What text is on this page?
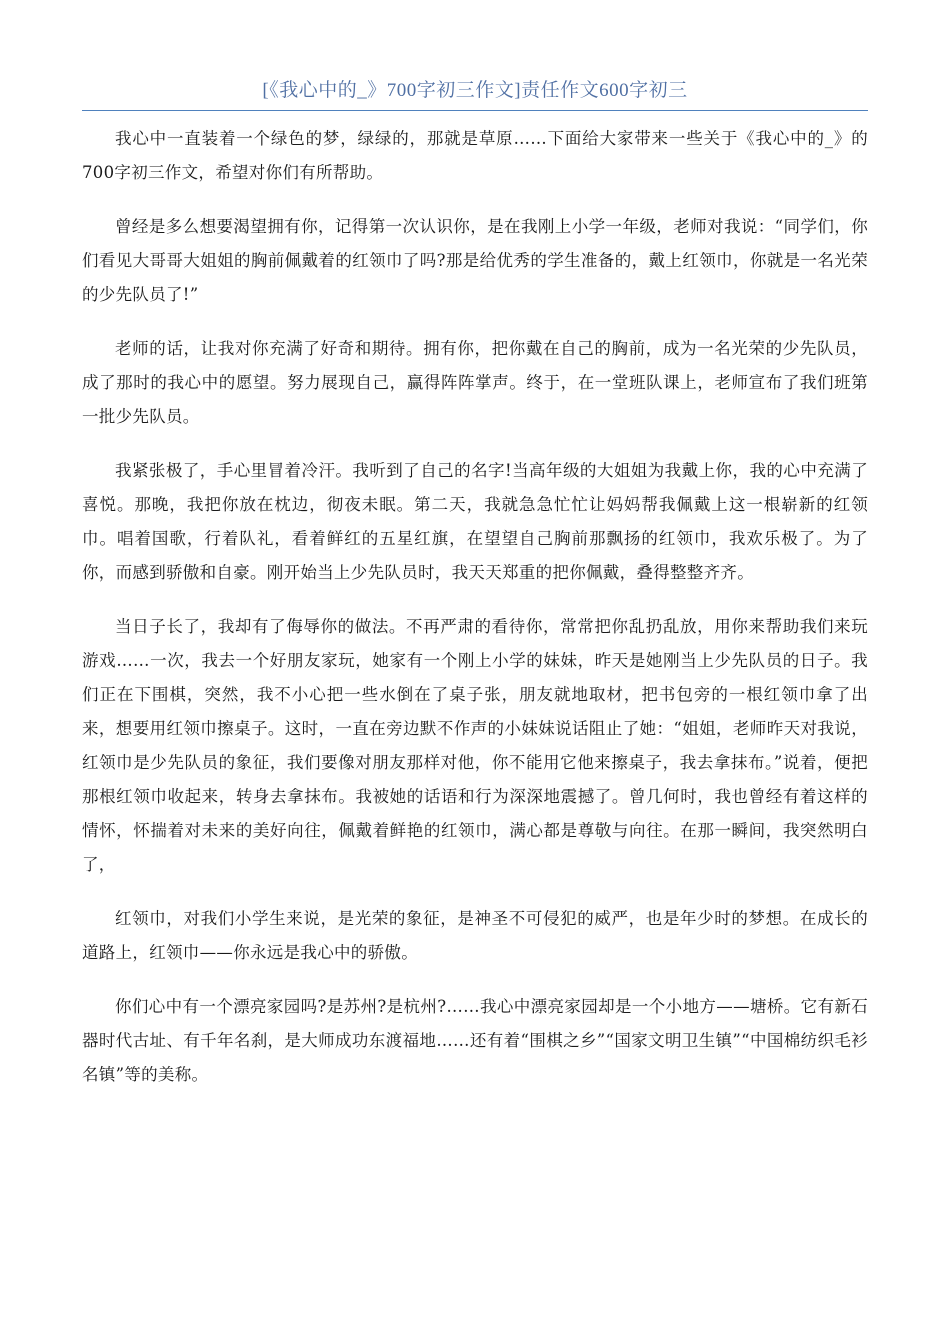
[《我心中的_》700字初三作文]责任作文600字初三

我心中一直装着一个绿色的梦，绿绿的，那就是草原……下面给大家带来一些关于《我心中的_》的700字初三作文，希望对你们有所帮助。

曾经是多么想要渴望拥有你，记得第一次认识你，是在我刚上小学一年级，老师对我说：“同学们，你们看见大哥哥大姐姐的胸前佩戴着的红领巾了吗?那是给优秀的学生准备的，戴上红领巾，你就是一名光荣的少先队员了!”

老师的话，让我对你充满了好奇和期待。拥有你，把你戴在自己的胸前，成为一名光荣的少先队员，成了那时的我心中的愿望。努力展现自己，赢得阵阵掌声。终于，在一堂班队课上，老师宣布了我们班第一批少先队员。

我紧张极了，手心里冒着冷汗。我听到了自己的名字!当高年级的大姐姐为我戴上你，我的心中充满了喜悦。那晚，我把你放在枕边，彻夜未眠。第二天，我就急急忙忙让妈妈帮我佩戴上这一根崭新的红领巾。唱着国歌，行着队礼，看着鲜红的五星红旗，在望望自己胸前那飘扬的红领巾，我欢乐极了。为了你，而感到骄傲和自豪。刚开始当上少先队员时，我天天郑重的把你佩戴，叠得整整齐齐。

当日子长了，我却有了侮辱你的做法。不再严肃的看待你，常常把你乱扔乱放，用你来帮助我们来玩游戏……一次，我去一个好朋友家玩，她家有一个刚上小学的妹妹，昨天是她刚当上少先队员的日子。我们正在下围棋，突然，我不小心把一些水倒在了桌子张，朋友就地取材，把书包旁的一根红领巾拿了出来，想要用红领巾擦桌子。这时，一直在旁边默不作声的小妹妹说话阻止了她：“姐姐，老师昨天对我说，红领巾是少先队员的象征，我们要像对朋友那样对他，你不能用它他来擦桌子，我去拿抹布。”说着，便把那根红领巾收起来，转身去拿抹布。我被她的话语和行为深深地震撼了。曾几何时，我也曾经有着这样的情怀，怀揣着对未来的美好向往，佩戴着鲜艳的红领巾，满心都是尊敬与向往。在那一瞬间，我突然明白了，

红领巾，对我们小学生来说，是光荣的象征，是神圣不可侵犯的威严，也是年少时的梦想。在成长的道路上，红领巾——你永远是我心中的骄傲。

你们心中有一个漂亮家园吗?是苏州?是杭州?……我心中漂亮家园却是一个小地方——塘桥。它有新石器时代古址、有千年名刹，是大师成功东渡福地……还有着“围棋之乡”“国家文明卫生镇”“中国棉纺织毛衫名镇”等的美称。
